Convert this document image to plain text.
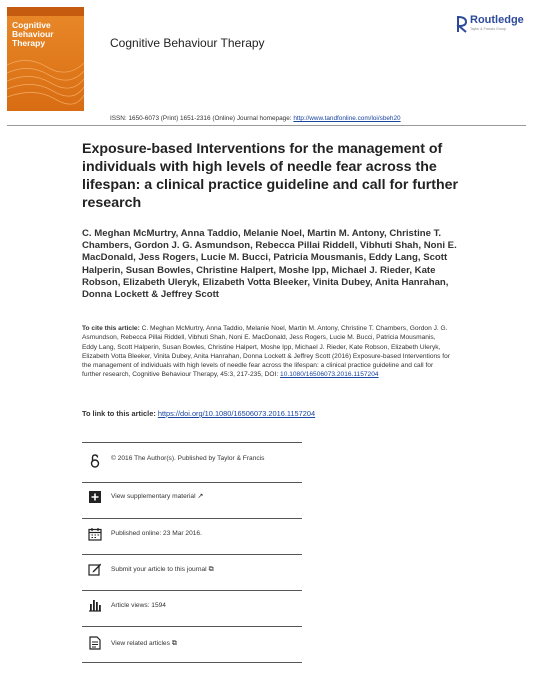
Cognitive
Behaviour
Therapy	Cognitive Behaviour Therapy
Routledge
Taylor & Francis Group
ISSN: 1650-6073 (Print) 1651-2316 (Online) Journal homepage: http://www.tandfonline.com/loi/sbeh20
Exposure-based Interventions for the management of individuals with high levels of needle fear across the lifespan: a clinical practice guideline and call for further research
C. Meghan McMurtry, Anna Taddio, Melanie Noel, Martin M. Antony, Christine T. Chambers, Gordon J. G. Asmundson, Rebecca Pillai Riddell, Vibhuti Shah, Noni E. MacDonald, Jess Rogers, Lucie M. Bucci, Patricia Mousmanis, Eddy Lang, Scott Halperin, Susan Bowles, Christine Halpert, Moshe Ipp, Michael J. Rieder, Kate Robson, Elizabeth Uleryk, Elizabeth Votta Bleeker, Vinita Dubey, Anita Hanrahan, Donna Lockett & Jeffrey Scott
To cite this article: C. Meghan McMurtry, Anna Taddio, Melanie Noel, Martin M. Antony, Christine T. Chambers, Gordon J. G. Asmundson, Rebecca Pillai Riddell, Vibhuti Shah, Noni E. MacDonald, Jess Rogers, Lucie M. Bucci, Patricia Mousmanis, Eddy Lang, Scott Halperin, Susan Bowles, Christine Halpert, Moshe Ipp, Michael J. Rieder, Kate Robson, Elizabeth Uleryk, Elizabeth Votta Bleeker, Vinita Dubey, Anita Hanrahan, Donna Lockett & Jeffrey Scott (2016) Exposure-based Interventions for the management of individuals with high levels of needle fear across the lifespan: a clinical practice guideline and call for further research, Cognitive Behaviour Therapy, 45:3, 217-235, DOI: 10.1080/16506073.2016.1157204
To link to this article: https://doi.org/10.1080/16506073.2016.1157204
© 2016 The Author(s). Published by Taylor & Francis
View supplementary material ↗
Published online: 23 Mar 2016.
Submit your article to this journal ⧉
Article views: 1594
View related articles ⧉
